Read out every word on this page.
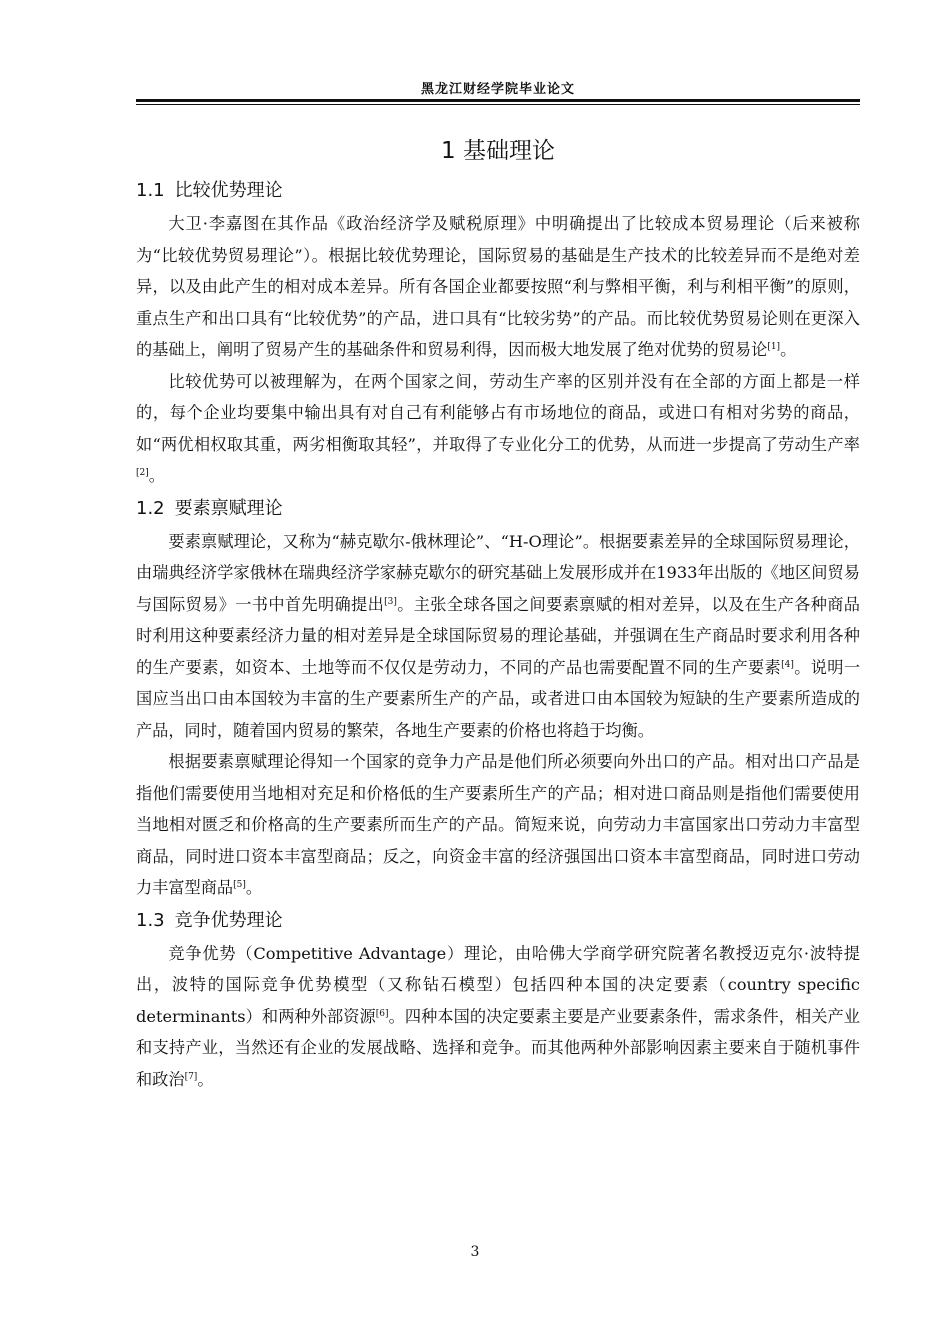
黑龙江财经学院毕业论文
1 基础理论
1.1 比较优势理论

大卫·李嘉图在其作品《政治经济学及赋税原理》中明确提出了比较成本贸易理论（后来被称为“比较优势贸易理论”）。根据比较优势理论，国际贸易的基础是生产技术的比较差异而不是绝对差异，以及由此产生的相对成本差异。所有各国企业都要按照“利与弊相平衡，利与利相平衡”的原则，重点生产和出口具有“比较优势”的产品，进口具有“比较劣势”的产品。而比较优势贸易论则在更深入的基础上，阐明了贸易产生的基础条件和贸易利得，因而极大地发展了绝对优势的贸易论[1]。

比较优势可以被理解为，在两个国家之间，劳动生产率的区别并没有在全部的方面上都是一样的，每个企业均要集中输出具有对自己有利能够占有市场地位的商品，或进口有相对劣势的商品，如“两优相权取其重，两劣相衡取其轻”，并取得了专业化分工的优势，从而进一步提高了劳动生产率[2]。

1.2 要素禀赋理论

要素禀赋理论，又称为“赫克歇尔-俄林理论”、“H-O理论”。根据要素差异的全球国际贸易理论，由瑞典经济学家俄林在瑞典经济学家赫克歇尔的研究基础上发展形成并在1933年出版的《地区间贸易与国际贸易》一书中首先明确提出[3]。主张全球各国之间要素禀赋的相对差异，以及在生产各种商品时利用这种要素经济力量的相对差异是全球国际贸易的理论基础，并强调在生产商品时要求利用各种的生产要素，如资本、土地等而不仅仅是劳动力，不同的产品也需要配置不同的生产要素[4]。说明一国应当出口由本国较为丰富的生产要素所生产的产品，或者进口由本国较为短缺的生产要素所造成的产品，同时，随着国内贸易的繁荣，各地生产要素的价格也将趋于均衡。

根据要素禀赋理论得知一个国家的竞争力产品是他们所必须要向外出口的产品。相对出口产品是指他们需要使用当地相对充足和价格低的生产要素所生产的产品；相对进口商品则是指他们需要使用当地相对匮乏和价格高的生产要素所而生产的产品。简短来说，向劳动力丰富国家出口劳动力丰富型商品，同时进口资本丰富型商品；反之，向资金丰富的经济强国出口资本丰富型商品，同时进口劳动力丰富型商品[5]。

1.3 竞争优势理论

竞争优势（Competitive Advantage）理论，由哈佛大学商学研究院著名教授迈克尔·波特提出，波特的国际竞争优势模型（又称钻石模型）包括四种本国的决定要素（country specific determinants）和两种外部资源[6]。四种本国的决定要素主要是产业要素条件，需求条件，相关产业和支持产业，当然还有企业的发展战略、选择和竞争。而其他两种外部影响因素主要来自于随机事件和政治[7]。

3
